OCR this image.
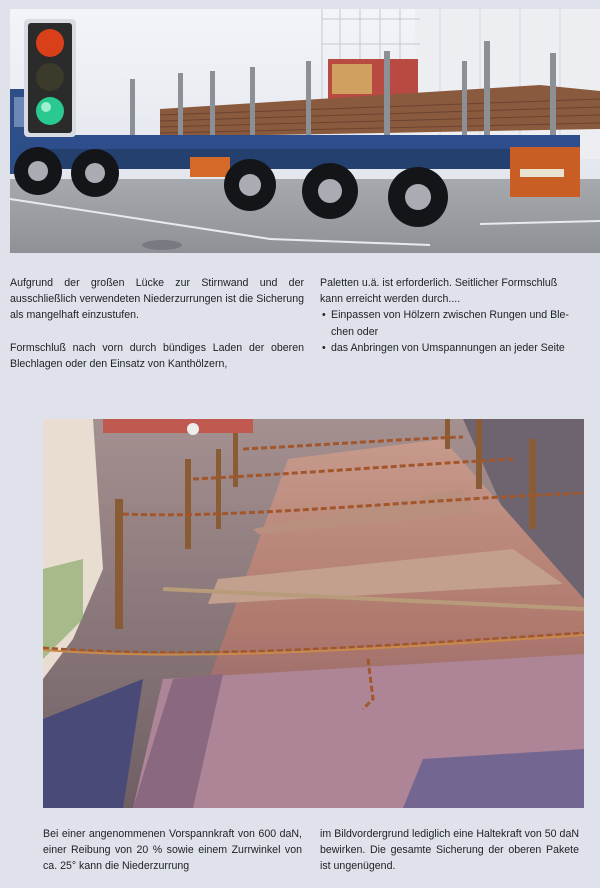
Aufgrund der großen Lücke zur Stirnwand und der ausschließlich verwendeten Niederzurrungen ist die Sicherung als mangelhaft einzustufen.

Formschluß nach vorn durch bündiges Laden der oberen Blechlagen oder den Einsatz von Kanthölzern,

Paletten u.ä. ist erforderlich. Seitlicher Formschluß

kann erreicht werden durch....

• Einpassen von Hölzern zwischen Rungen und Ble-
chen oder
• das Anbringen von Umspannungen an jeder Seite

Bei einer angenommenen Vorspannkraft von 600 daN, einer Reibung von 20 % sowie einem Zurrwinkel von ca. 25° kann die Niederzurrung

im Bildvordergrund lediglich eine Haltekraft von 50 daN bewirken. Die gesamte Sicherung der oberen Pakete ist ungenügend.
